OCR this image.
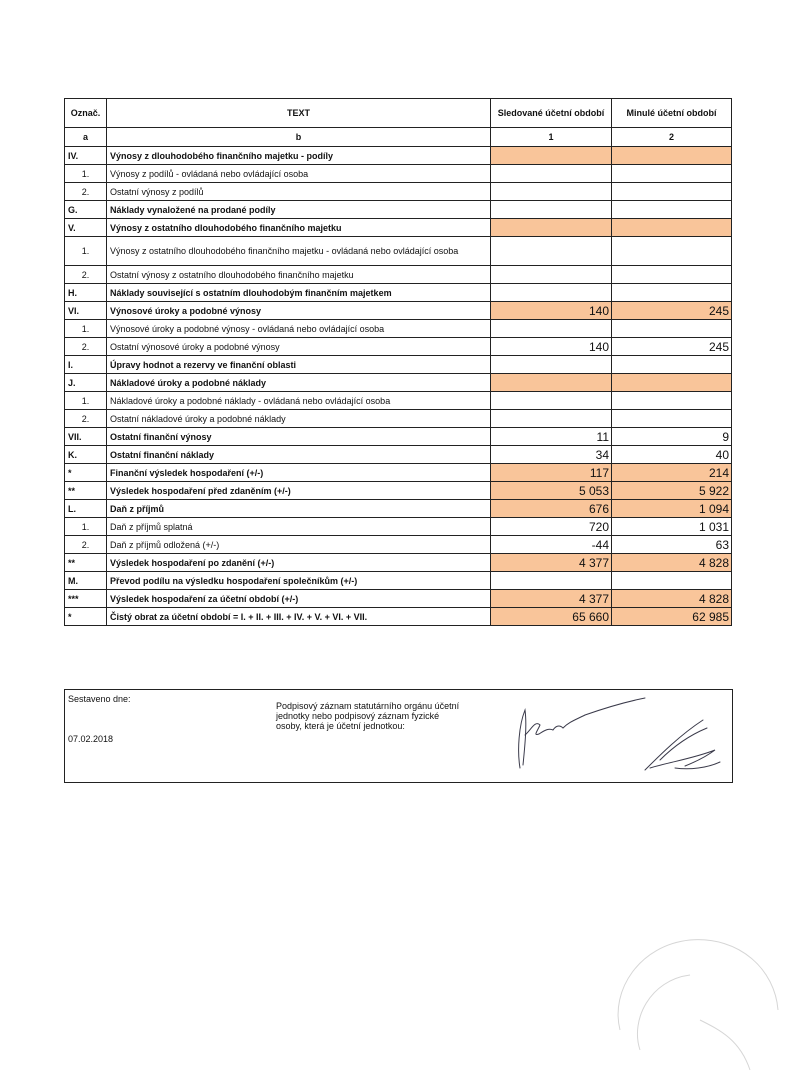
Označ.	TEXT	Sledované účetní období	Minulé účetní období
a	b	1	2
IV.	Výnosy z dlouhodobého finančního majetku - podíly		
1.	Výnosy z podílů - ovládaná nebo ovládající osoba		
2.	Ostatní výnosy z podílů		
G.	Náklady vynaložené na prodané podíly		
V.	Výnosy z ostatního dlouhodobého finančního majetku		
1.	Výnosy z ostatního dlouhodobého finančního majetku - ovládaná nebo ovládající osoba		
2.	Ostatní výnosy z ostatního dlouhodobého finančního majetku		
H.	Náklady související s ostatním dlouhodobým finančním majetkem		
VI.	Výnosové úroky a podobné výnosy	140	245
1.	Výnosové úroky a podobné výnosy - ovládaná nebo ovládající osoba		
2.	Ostatní výnosové úroky a podobné výnosy	140	245
I.	Úpravy hodnot a rezervy ve finanční oblasti		
J.	Nákladové úroky a podobné náklady		
1.	Nákladové úroky a podobné náklady - ovládaná nebo ovládající osoba		
2.	Ostatní nákladové úroky a podobné náklady		
VII.	Ostatní finanční výnosy	11	9
K.	Ostatní finanční náklady	34	40
*	Finanční výsledek hospodaření (+/-)	117	214
**	Výsledek hospodaření před zdaněním (+/-)	5 053	5 922
L.	Daň z příjmů	676	1 094
1.	Daň z příjmů splatná	720	1 031
2.	Daň z příjmů odložená (+/-)	-44	63
**	Výsledek hospodaření po zdanění (+/-)	4 377	4 828
M.	Převod podílu na výsledku hospodaření společníkům (+/-)		
***	Výsledek hospodaření za účetní období (+/-)	4 377	4 828
*	Čistý obrat za účetní období = I. + II. + III. + IV. + V. + VI. + VII.	65 660	62 985
Sestaveno dne:
07.02.2018
Podpisový záznam statutárního orgánu účetní jednotky nebo podpisový záznam fyzické osoby, která je účetní jednotkou:
